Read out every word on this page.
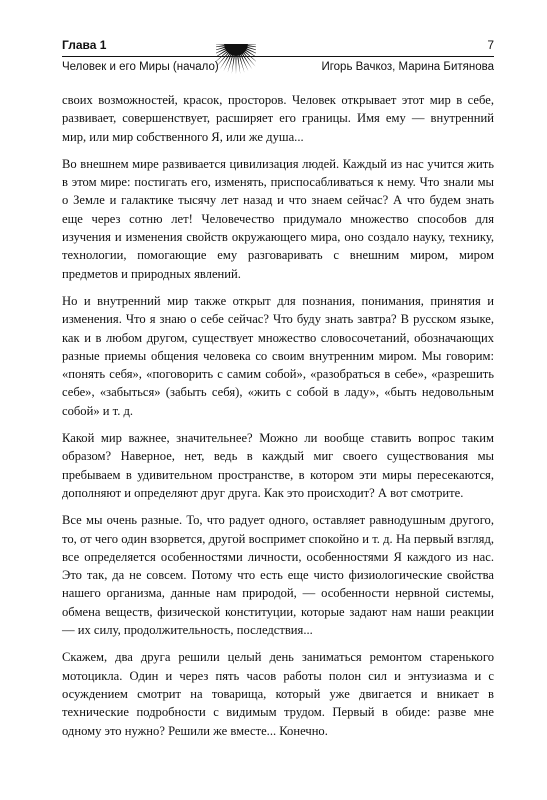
Глава 1	7
Человек и его Миры (начало)	Игорь Вачкоз, Марина Битянова

своих возможностей, красок, просторов. Человек открывает этот мир в себе, развивает, совершенствует, расширяет его границы. Имя ему — внутренний мир, или мир собственного Я, или же душа...

Во внешнем мире развивается цивилизация людей. Каждый из нас учится жить в этом мире: постигать его, изменять, приспосабливаться к нему. Что знали мы о Земле и галактике тысячу лет назад и что знаем сейчас? А что будем знать еще через сотню лет! Человечество придумало множество способов для изучения и изменения свойств окружающего мира, оно создало науку, технику, технологии, помогающие ему разговаривать с внешним миром, миром предметов и природных явлений.

Но и внутренний мир также открыт для познания, понимания, принятия и изменения. Что я знаю о себе сейчас? Что буду знать завтра? В русском языке, как и в любом другом, существует множество словосочетаний, обозначающих разные приемы общения человека со своим внутренним миром. Мы говорим: «понять себя», «поговорить с самим собой», «разобраться в себе», «разрешить себе», «забыться» (забыть себя), «жить с собой в ладу», «быть недовольным собой» и т. д.

Какой мир важнее, значительнее? Можно ли вообще ставить вопрос таким образом? Наверное, нет, ведь в каждый миг своего существования мы пребываем в удивительном пространстве, в котором эти миры пересекаются, дополняют и определяют друг друга. Как это происходит? А вот смотрите.

Все мы очень разные. То, что радует одного, оставляет равнодушным другого, то, от чего один взорвется, другой воспримет спокойно и т. д. На первый взгляд, все определяется особенностями личности, особенностями Я каждого из нас. Это так, да не совсем. Потому что есть еще чисто физиологические свойства нашего организма, данные нам природой, — особенности нервной системы, обмена веществ, физической конституции, которые задают нам наши реакции — их силу, продолжительность, последствия...

Скажем, два друга решили целый день заниматься ремонтом старенького мотоцикла. Один и через пять часов работы полон сил и энтузиазма и с осуждением смотрит на товарища, который уже двигается и вникает в технические подробности с видимым трудом. Первый в обиде: разве мне одному это нужно? Решили же вместе... Конечно.
